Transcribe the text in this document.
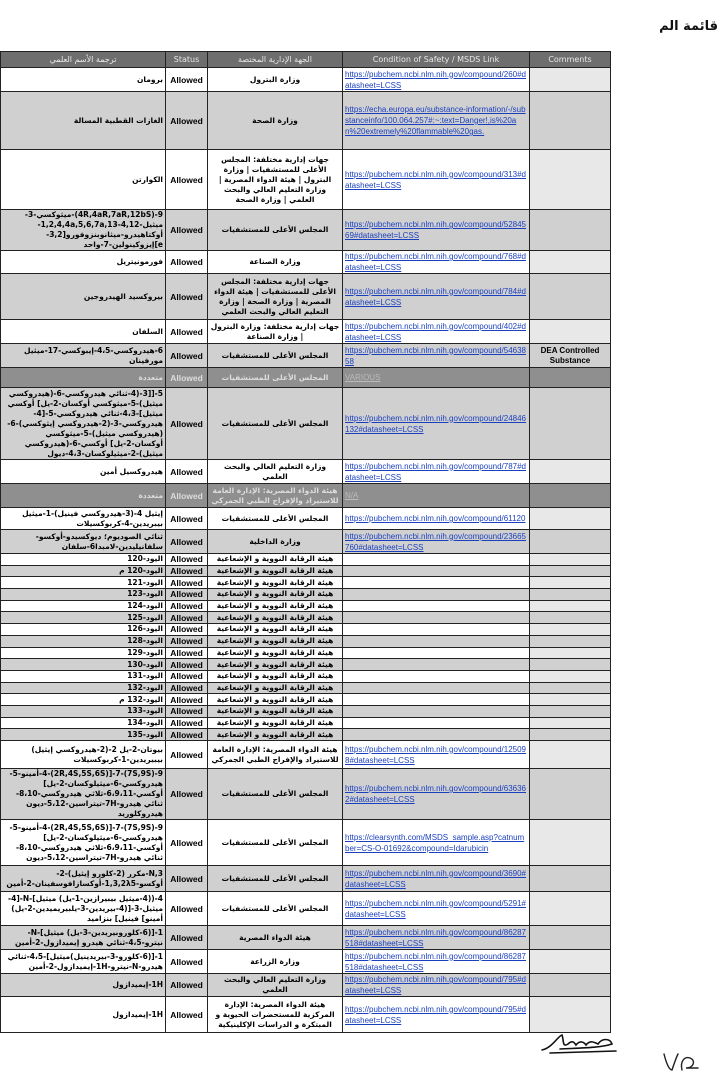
قائمة الم
ترجمة الأسم العلمي	Status	الجهة الإدارية المختصة	Condition of Safety / MSDS Link	Comments
برومان	Allowed	وزارة البترول	https://pubchem.ncbi.nlm.nih.gov/compound/260#datasheet=LCSS	
الغازات القطبية المسالة	Allowed	وزارة الصحة	https://echa.europa.eu/substance-information/-/substanceinfo/100.064.257#:~:text=Danger!,is%20an%20extremely%20flammable%20gas.	
الكوارتن	Allowed	جهات إدارية مختلفة: المجلس الأعلى للمستشفيات | وزارة البترول | هيئة الدواء المصرية | وزارة التعليم العالي والبحث العلمي | وزارة الصحة	https://pubchem.ncbi.nlm.nih.gov/compound/313#datasheet=LCSS	
9-(4R,4aR,7aR,12bS)-ميثوكسي-3-ميثيل-4,12-1,2,4,4a,5,6,7a,13-أوكتاهيدرو-ميثانوبنزوفورو[3,2-e]إيزوكينولين-7-واحد	Allowed	المجلس الأعلى للمستشفيات	https://pubchem.ncbi.nlm.nih.gov/compound/5284569#datasheet=LCSS	
فورمونيتريل	Allowed	وزارة الصناعة	https://pubchem.ncbi.nlm.nih.gov/compound/768#datasheet=LCSS	
بيروكسيد الهيدروجين	Allowed	جهات إدارية مختلفة: المجلس الأعلى للمستشفيات | هيئة الدواء المصرية | وزارة الصحة | وزارة التعليم العالي والبحث العلمي	https://pubchem.ncbi.nlm.nih.gov/compound/784#datasheet=LCSS	
السلفان	Allowed	جهات إدارية مختلفة: وزارة البترول | وزارة الصناعة	https://pubchem.ncbi.nlm.nih.gov/compound/402#datasheet=LCSS	
6-هيدروكسي-4،5-إيبوكسي-17-ميثيل مورفينان	Allowed	المجلس الأعلى للمستشفيات	https://pubchem.ncbi.nlm.nih.gov/compound/5463858	DEA Controlled Substance
متعددة	Allowed	المجلس الأعلى للمستشفيات	VARIOUS	
5-[[3-(4-ثنائي هيدروكسي-6-(هيدروكسي ميثيل)-5-ميثوكسي أوكسان-2-يل] أوكسي ميثيل]-4،3-ثنائي هيدروكسي-5-[4-هيدروكسي-3-(2-هيدروكسي إيثوكسي)-6-(هيدروكسي ميثيل)-5-ميثوكسي أوكسان-2-يل] أوكسي-6-(هيدروكسي ميثيل)-2-ميثيلوكسان-4،3-ديول	Allowed	المجلس الأعلى للمستشفيات	https://pubchem.ncbi.nlm.nih.gov/compound/24846132#datasheet=LCSS	
هيدروكسيل أمين	Allowed	وزارة التعليم العالي والبحث العلمي	https://pubchem.ncbi.nlm.nih.gov/compound/787#datasheet=LCSS	
متعددة	Allowed	هيئة الدواء المصرية: الإدارة العامة للاستيراد والإفراج الطبي الجمركي	N/A	
إيثيل 4-(3-هيدروكسي فينيل)-1-ميثيل بيبريدين-4-كربوكسيلات	Allowed	المجلس الأعلى للمستشفيات	https://pubchem.ncbi.nlm.nih.gov/compound/61120	
ثنائي الصوديوم؛ ديوكسيدو-أوكسو-سلفانيليدين-لامبدا6-سلفان	Allowed	وزارة الداخلية	https://pubchem.ncbi.nlm.nih.gov/compound/23665760#datasheet=LCSS	
اليود-120	Allowed	هيئة الرقابة النووية و الإشعاعية		
اليود-120 م	Allowed	هيئة الرقابة النووية و الإشعاعية		
اليود-121	Allowed	هيئة الرقابة النووية و الإشعاعية		
اليود-123	Allowed	هيئة الرقابة النووية و الإشعاعية		
اليود-124	Allowed	هيئة الرقابة النووية و الإشعاعية		
اليود-125	Allowed	هيئة الرقابة النووية و الإشعاعية		
اليود-126	Allowed	هيئة الرقابة النووية و الإشعاعية		
اليود-128	Allowed	هيئة الرقابة النووية و الإشعاعية		
اليود-129	Allowed	هيئة الرقابة النووية و الإشعاعية		
اليود-130	Allowed	هيئة الرقابة النووية و الإشعاعية		
اليود-131	Allowed	هيئة الرقابة النووية و الإشعاعية		
اليود-132	Allowed	هيئة الرقابة النووية و الإشعاعية		
اليود-132 م	Allowed	هيئة الرقابة النووية و الإشعاعية		
اليود-133	Allowed	هيئة الرقابة النووية و الإشعاعية		
اليود-134	Allowed	هيئة الرقابة النووية و الإشعاعية		
اليود-135	Allowed	هيئة الرقابة النووية و الإشعاعية		
بيوتان-2-يل 2-(2-هيدروكسي إيثيل) بيبيريدين-1-كربوكسيلات	Allowed	هيئة الدواء المصرية: الإدارة العامة للاستيراد والإفراج الطبي الجمركي	https://pubchem.ncbi.nlm.nih.gov/compound/125098#datasheet=LCSS	
9-(7S,9S)-7-[(2R,4S,5S,6S)-4-أمينو-5-هيدروكسي-6-ميثيلوكسان-2-يل] أوكسي-6،9،11-ثلاثي هيدروكسي-8،10-ثنائي هيدرو-7H-تيتراسين-5،12-ديون هيدروكلوريد	Allowed	المجلس الأعلى للمستشفيات	https://pubchem.ncbi.nlm.nih.gov/compound/636362#datasheet=LCSS	
9-(7S,9S)-7-[(2R,4S,5S,6S)-4-أمينو-5-هيدروكسي-6-ميثيلوكسان-2-يل] أوكسي-6،9،11-ثلاثي هيدروكسي-8،10-ثنائي هيدرو-7H-تيتراسين-5،12-ديون	Allowed	المجلس الأعلى للمستشفيات	https://clearsynth.com/MSDS_sample.asp?catnumber=CS-O-01692&compound=Idarubicin	
N,3-مكرر (2-كلورو إيثيل)-2-أوكسو-1,3,2λ5-أوكسازافوسفينان-2-أمين	Allowed	المجلس الأعلى للمستشفيات	https://pubchem.ncbi.nlm.nih.gov/compound/3690#datasheet=LCSS	
4-((4-ميثيل بيبيرازين-1-يل) ميثيل]-N-[4-ميثيل-3-[(4-بيريدين-3-يلبيريميدين-2-يل) أمينو] فينيل] بنزاميد	Allowed	المجلس الأعلى للمستشفيات	https://pubchem.ncbi.nlm.nih.gov/compound/5291#datasheet=LCSS	
1-[(6-كلوروبيريدين-3-يل) ميثيل]-N-نيترو-4،5-ثنائي هيدرو إيميدازول-2-أمين	Allowed	هيئة الدواء المصرية	https://pubchem.ncbi.nlm.nih.gov/compound/86287518#datasheet=LCSS	
1-[(6-كلورو-3-بيريدينيل)ميثيل]-4،5-ثنائي هيدرو-N-نيترو-1H-إيميدازول-2-أمين	Allowed	وزارة الزراعة	https://pubchem.ncbi.nlm.nih.gov/compound/86287518#datasheet=LCSS	
1H-إيميدازول	Allowed	وزارة التعليم العالي والبحث العلمي	https://pubchem.ncbi.nlm.nih.gov/compound/795#datasheet=LCSS	
1H-إيميدازول	Allowed	هيئة الدواء المصرية: الإدارة المركزية للمستحضرات الحيوية و المبتكرة و الدراسات الإكلينيكية	https://pubchem.ncbi.nlm.nih.gov/compound/795#datasheet=LCSS	
